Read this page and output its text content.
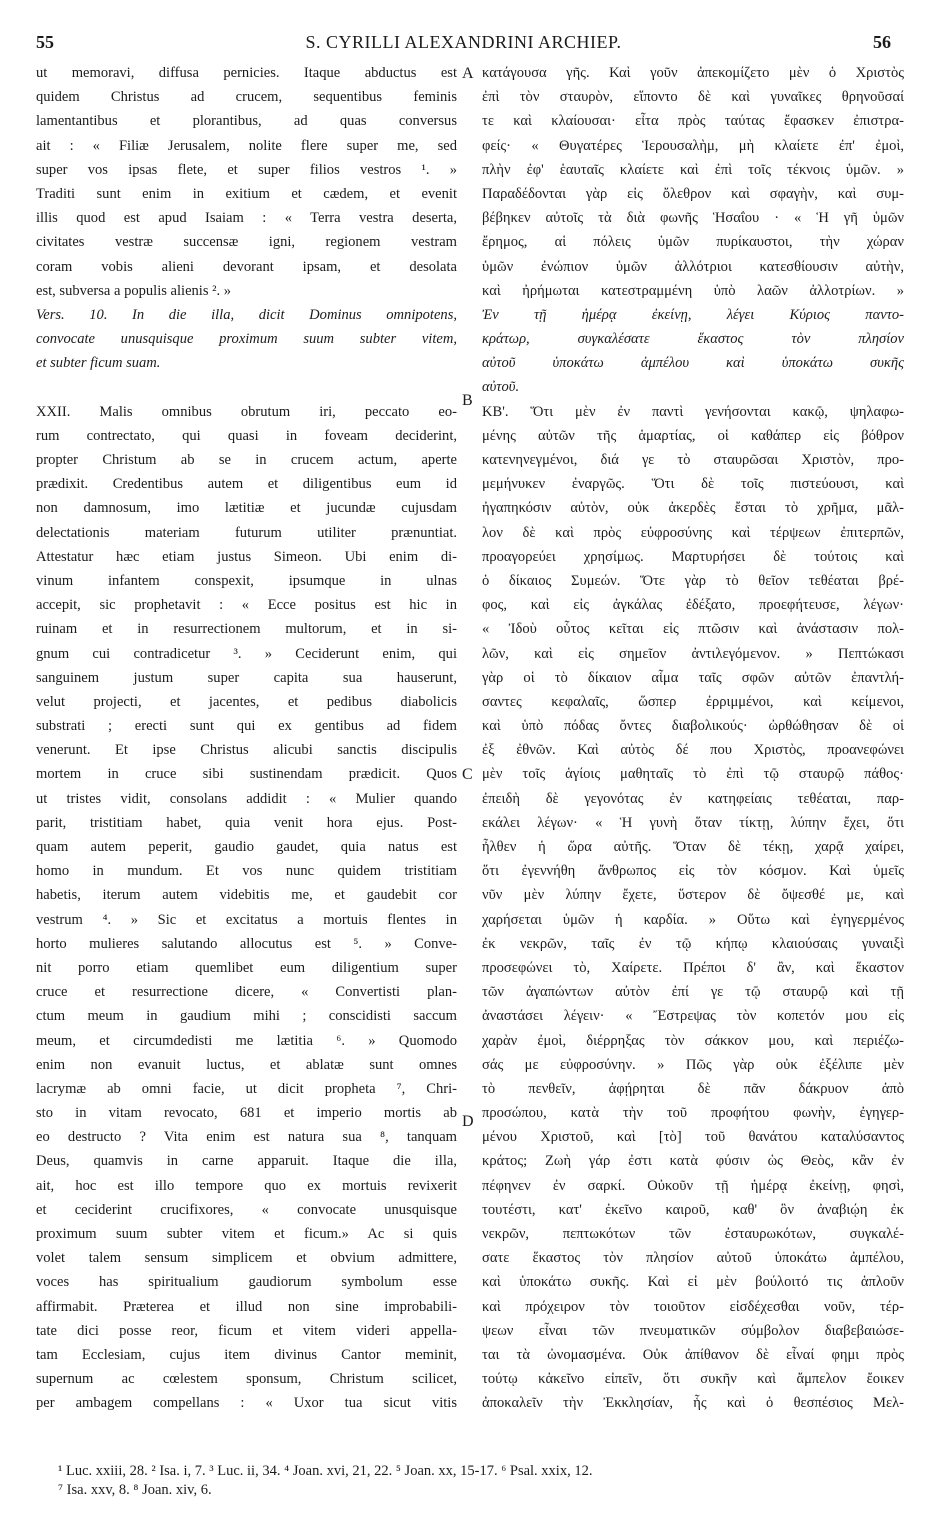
S. CYRILLI ALEXANDRINI ARCHIEP.
55	56
ut memoravi, diffusa pernicies. Itaque abductus est
quidem Christus ad crucem, sequentibus feminis
lamentantibus et plorantibus, ad quas conversus
ait : « Filiæ Jerusalem, nolite flere super me, sed
super vos ipsas flete, et super filios vestros ¹. »
Traditi sunt enim in exitium et cædem, et evenit
illis quod est apud Isaiam : « Terra vestra deserta,
civitates vestræ succensæ igni, regionem vestram
coram vobis alieni devorant ipsam, et desolata
est, subversa a populis alienis ². »
Vers. 10. In die illa, dicit Dominus omnipotens,
convocate unusquisque proximum suum subter vitem,
et subter ficum suam.
XXII. Malis omnibus obrutum iri, peccato eo-
rum contrectato, qui quasi in foveam deciderint,
propter Christum ab se in crucem actum, aperte
prædixit. Credentibus autem et diligentibus eum id
non damnosum, imo lætitiæ et jucundæ cujusdam
delectationis materiam futurum utiliter prænuntiat.
Attestatur hæc etiam justus Simeon. Ubi enim di-
vinum infantem conspexit, ipsumque in ulnas
accepit, sic prophetavit : « Ecce positus est hic in
ruinam et in resurrectionem multorum, et in si-
gnum cui contradicetur ³. » Ceciderunt enim, qui
sanguinem justum super capita sua hauserunt,
velut projecti, et jacentes, et pedibus diabolicis
substrati ; erecti sunt qui ex gentibus ad fidem
venerunt. Et ipse Christus alicubi sanctis discipulis
mortem in cruce sibi sustinendam prædicit. Quos
ut tristes vidit, consolans addidit : « Mulier quando
parit, tristitiam habet, quia venit hora ejus. Post-
quam autem peperit, gaudio gaudet, quia natus est
homo in mundum. Et vos nunc quidem tristitiam
habetis, iterum autem videbitis me, et gaudebit cor
vestrum ⁴. » Sic et excitatus a mortuis flentes in
horto mulieres salutando allocutus est ⁵. » Conve-
nit porro etiam quemlibet eum diligentium super
cruce et resurrectione dicere, « Convertisti plan-
ctum meum in gaudium mihi ; conscidisti saccum
meum, et circumdedisti me lætitia ⁶. » Quomodo
enim non evanuit luctus, et ablatæ sunt omnes
lacrymæ ab omni facie, ut dicit propheta ⁷, Chri-
sto in vitam revocato, 681 et imperio mortis ab
eo destructo ? Vita enim est natura sua ⁸, tanquam
Deus, quamvis in carne apparuit. Itaque die illa,
ait, hoc est illo tempore quo ex mortuis revixerit
et ceciderint crucifixores, « convocate unusquisque
proximum suum subter vitem et ficum.» Ac si quis
volet talem sensum simplicem et obvium admittere,
voces has spiritualium gaudiorum symbolum esse
affirmabit. Præterea et illud non sine improbabili-
tate dici posse reor, ficum et vitem videri appella-
tam Ecclesiam, cujus item divinus Cantor meminit,
supernum ac cœlestem sponsum, Christum scilicet,
per ambagem compellans : « Uxor tua sicut vitis
κατάγουσα γῆς. Καὶ γοῦν ἀπεκομίζετο μὲν ὁ Χριστὸς
ἐπὶ τὸν σταυρὸν, εἵποντο δὲ καὶ γυναῖκες θρηνοῦσαί
τε καὶ κλαίουσαι· εἶτα πρὸς ταύτας ἔφασκεν ἐπιστρα-
φείς· « Θυγατέρες Ἱερουσαλὴμ, μὴ κλαίετε ἐπ' ἐμοὶ,
πλὴν ἐφ' ἑαυταῖς κλαίετε καὶ ἐπὶ τοῖς τέκνοις ὑμῶν. »
Παραδέδονται γὰρ εἰς ὄλεθρον καὶ σφαγὴν, καὶ συμ-
βέβηκεν αὐτοῖς τὰ διὰ φωνῆς Ἡσαΐου · « Ἡ γῆ ὑμῶν
ἔρημος, αἱ πόλεις ὑμῶν πυρίκαυστοι, τὴν χώραν
ὑμῶν ἐνώπιον ὑμῶν ἀλλότριοι κατεσθίουσιν αὐτὴν,
καὶ ἠρήμωται κατεστραμμένη ὑπὸ λαῶν ἀλλοτρίων. »
Ἐν τῇ ἡμέρᾳ ἐκείνῃ, λέγει Κύριος παντο-
κράτωρ, συγκαλέσατε ἕκαστος τὸν πλησίον
αὐτοῦ ὑποκάτω ἀμπέλου καὶ ὑποκάτω συκῆς
αὐτοῦ.
ΚΒ'. Ὅτι μὲν ἐν παντὶ γενήσονται κακῷ, ψηλαφω-
μένης αὐτῶν τῆς ἁμαρτίας, οἱ καθάπερ εἰς βόθρον
κατενηνεγμένοι, διά γε τὸ σταυρῶσαι Χριστὸν, προ-
μεμήνυκεν ἐναργῶς. Ὅτι δὲ τοῖς πιστεύουσι, καὶ
ἠγαπηκόσιν αὐτὸν, οὐκ ἀκερδὲς ἔσται τὸ χρῆμα, μᾶλ-
λον δὲ καὶ πρὸς εὐφροσύνης καὶ τέρψεων ἐπιτερπῶν,
προαγορεύει χρησίμως. Μαρτυρήσει δὲ τούτοις καὶ
ὁ δίκαιος Συμεών. Ὅτε γὰρ τὸ θεῖον τεθέαται βρέ-
φος, καὶ εἰς ἀγκάλας ἐδέξατο, προεφήτευσε, λέγων·
« Ἰδοὺ οὗτος κεῖται εἰς πτῶσιν καὶ ἀνάστασιν πολ-
λῶν, καὶ εἰς σημεῖον ἀντιλεγόμενον. » Πεπτώκασι
γὰρ οἱ τὸ δίκαιον αἷμα ταῖς σφῶν αὐτῶν ἐπαντλή-
σαντες κεφαλαῖς, ὥσπερ ἐρριμμένοι, καὶ κείμενοι,
καὶ ὑπὸ πόδας ὄντες διαβολικούς· ὠρθώθησαν δὲ οἱ
ἐξ ἐθνῶν. Καὶ αὐτὸς δέ που Χριστὸς, προανεφώνει
μὲν τοῖς ἁγίοις μαθηταῖς τὸ ἐπὶ τῷ σταυρῷ πάθος·
ἐπειδὴ δὲ γεγονότας ἐν κατηφείαις τεθέαται, παρ-
εκάλει λέγων· « Ἡ γυνὴ ὅταν τίκτῃ, λύπην ἔχει, ὅτι
ἦλθεν ἡ ὥρα αὐτῆς. Ὅταν δὲ τέκῃ, χαρᾷ χαίρει,
ὅτι ἐγεννήθη ἄνθρωπος εἰς τὸν κόσμον. Καὶ ὑμεῖς
νῦν μὲν λύπην ἔχετε, ὕστερον δὲ ὄψεσθέ με, καὶ
χαρήσεται ὑμῶν ἡ καρδία. » Οὕτω καὶ ἐγηγερμένος
ἐκ νεκρῶν, ταῖς ἐν τῷ κήπῳ κλαιούσαις γυναιξὶ
προσεφώνει τὸ, Χαίρετε. Πρέποι δ' ἂν, καὶ ἕκαστον
τῶν ἀγαπώντων αὐτὸν ἐπί γε τῷ σταυρῷ καὶ τῇ
ἀναστάσει λέγειν· « Ἔστρεψας τὸν κοπετόν μου εἰς
χαρὰν ἐμοὶ, διέρρηξας τὸν σάκκον μου, καὶ περιέζω-
σάς με εὐφροσύνην. » Πῶς γὰρ οὐκ ἐξέλιπε μὲν
τὸ πενθεῖν, ἀφῄρηται δὲ πᾶν δάκρυον ἀπὸ
προσώπου, κατὰ τὴν τοῦ προφήτου φωνὴν, ἐγηγερ-
μένου Χριστοῦ, καὶ [τὸ] τοῦ θανάτου καταλύσαντος
κράτος; Ζωὴ γάρ ἐστι κατὰ φύσιν ὡς Θεὸς, κἂν ἐν
πέφηνεν ἐν σαρκί. Οὐκοῦν τῇ ἡμέρᾳ ἐκείνῃ, φησὶ,
τουτέστι, κατ' ἐκεῖνο καιροῦ, καθ' ὃν ἀναβιῴη ἐκ
νεκρῶν, πεπτωκότων τῶν ἐσταυρωκότων, συγκαλέ-
σατε ἕκαστος τὸν πλησίον αὐτοῦ ὑποκάτω ἀμπέλου,
καὶ ὑποκάτω συκῆς. Καὶ εἰ μὲν βούλοιτό τις ἁπλοῦν
καὶ πρόχειρον τὸν τοιοῦτον εἰσδέχεσθαι νοῦν, τέρ-
ψεων εἶναι τῶν πνευματικῶν σύμβολον διαβεβαιώσε-
ται τὰ ὠνομασμένα. Οὐκ ἀπίθανον δὲ εἶναί φημι πρὸς
τούτῳ κἀκεῖνο εἰπεῖν, ὅτι συκῆν καὶ ἄμπελον ἔοικεν
ἀποκαλεῖν τὴν Ἐκκλησίαν, ἧς καὶ ὁ θεσπέσιος Μελ-
A
B
C
D
¹ Luc. xxiii, 28. ² Isa. i, 7. ³ Luc. ii, 34. ⁴ Joan. xvi, 21, 22. ⁵ Joan. xx, 15-17. ⁶ Psal. xxix, 12.
⁷ Isa. xxv, 8. ⁸ Joan. xiv, 6.
